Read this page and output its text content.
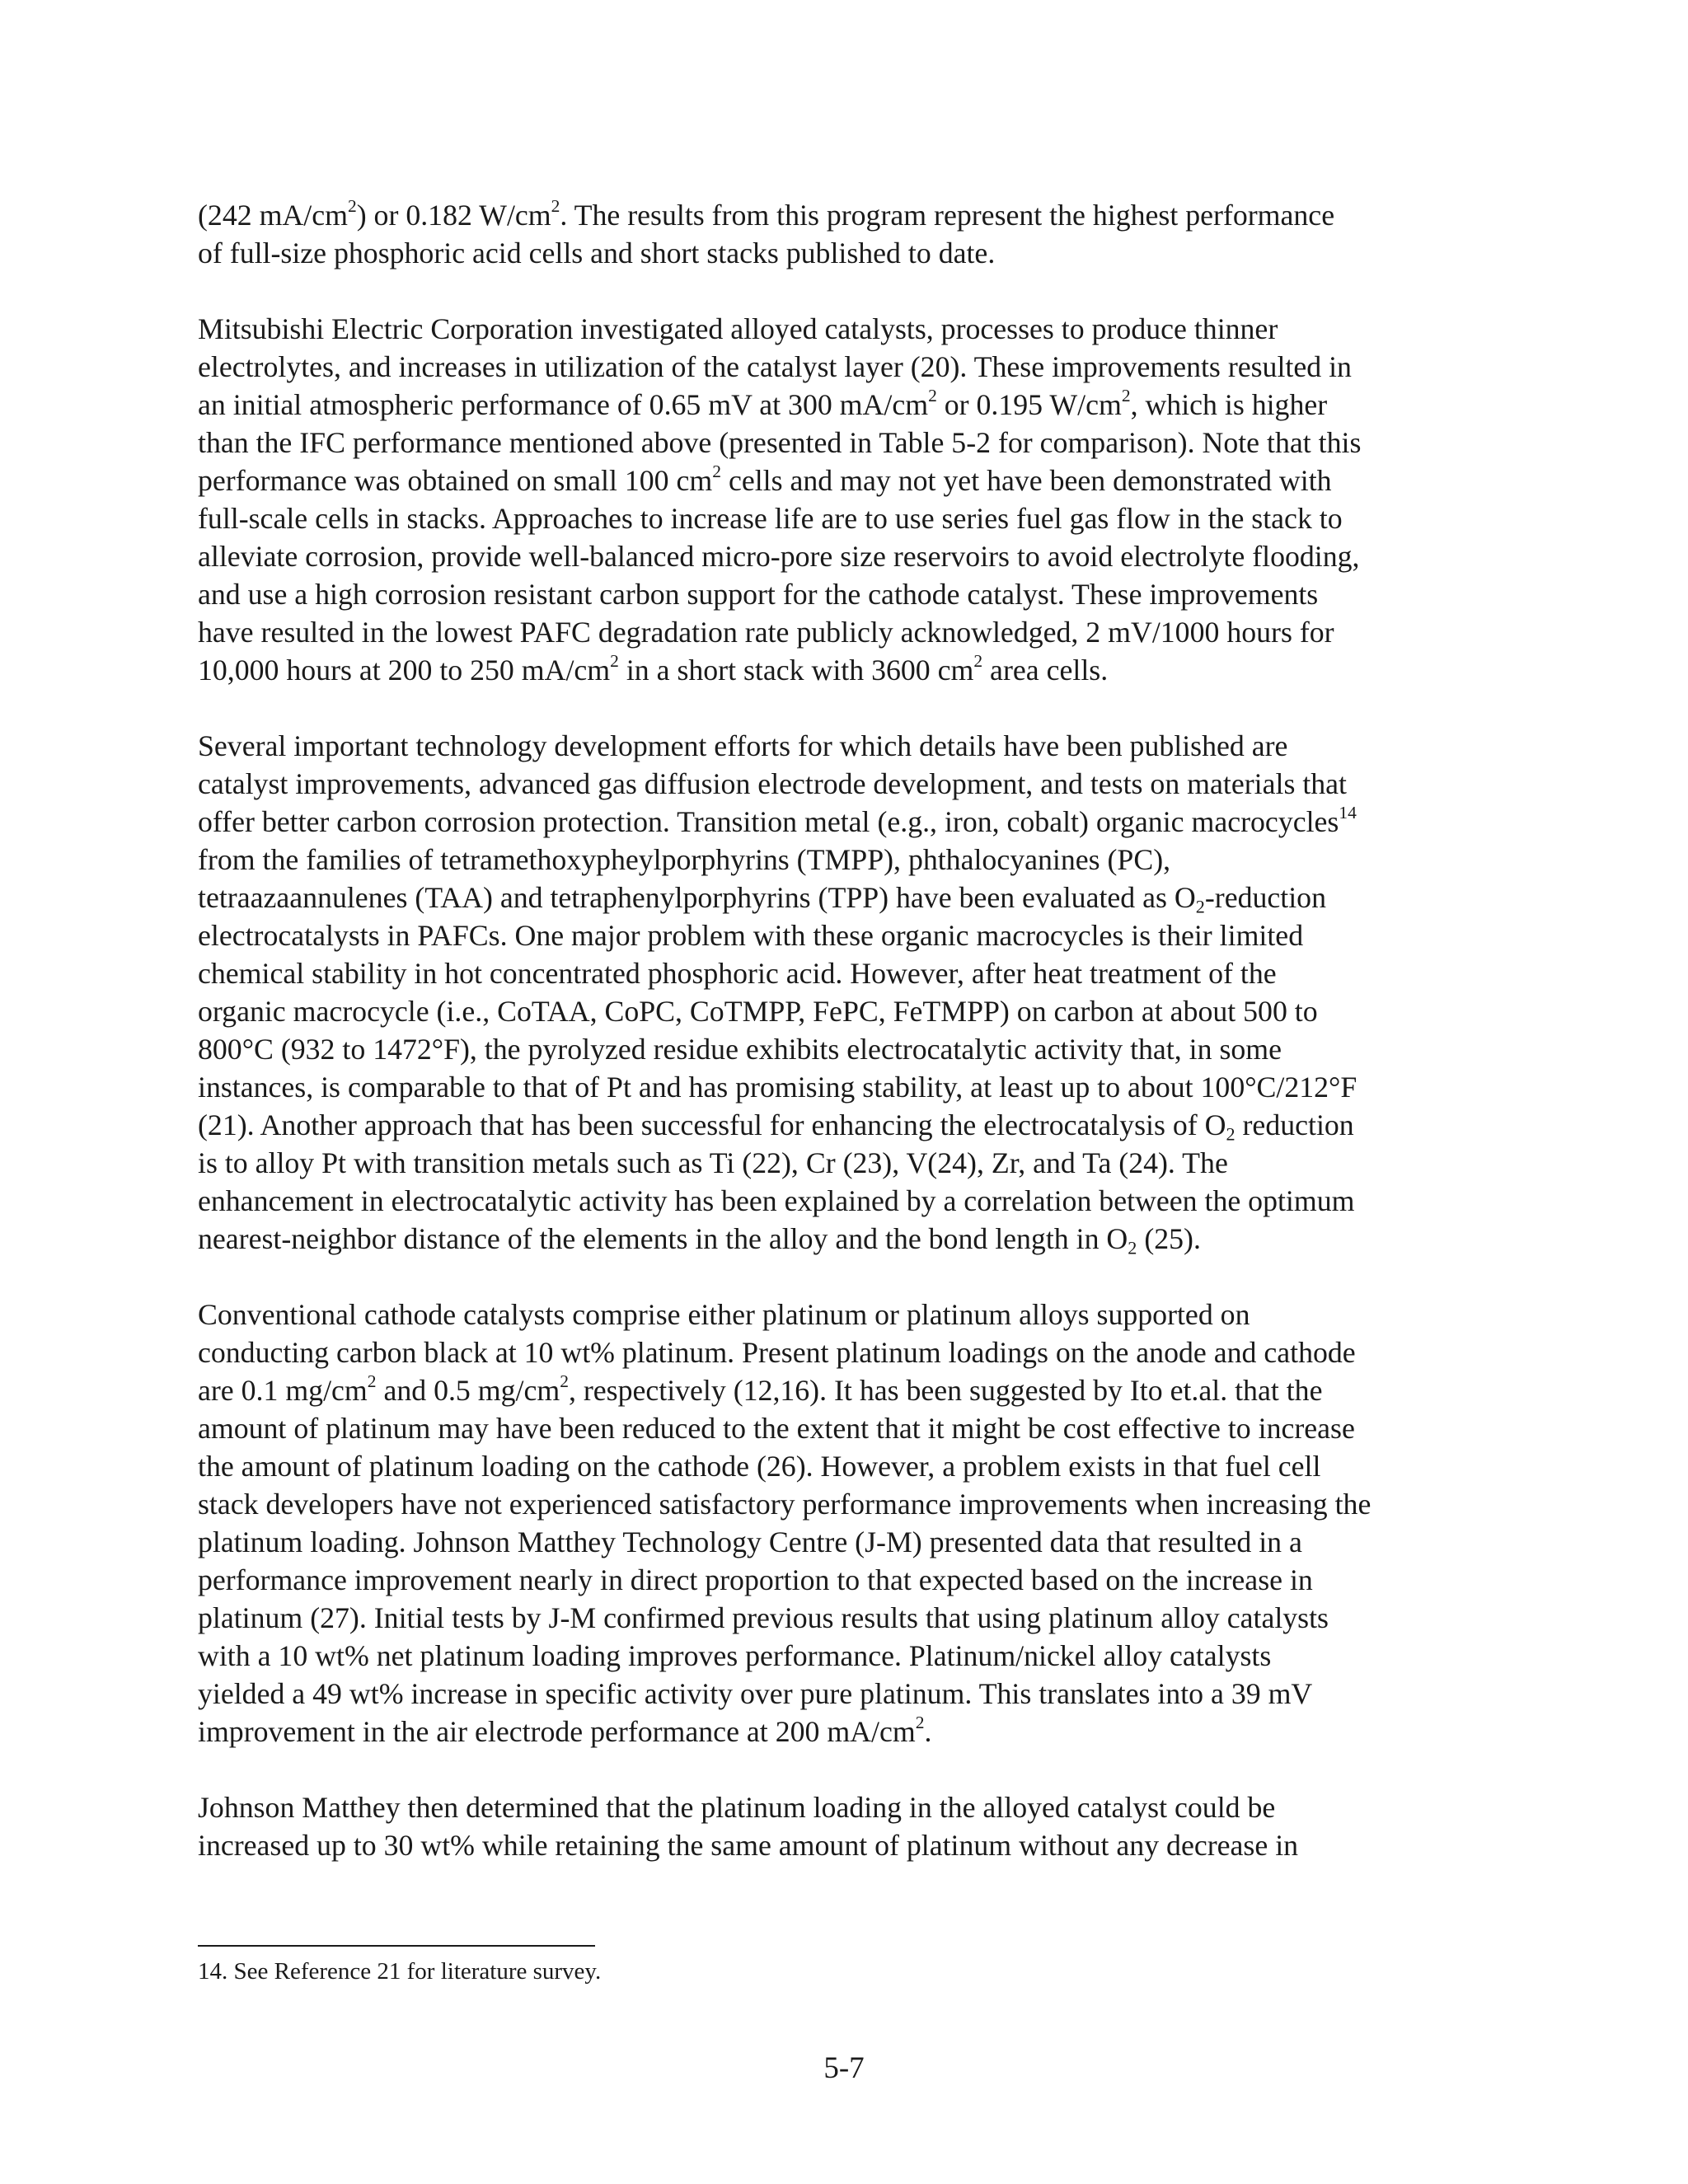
(242 $mA/cm^2$) or 0.182 $W/cm^2$. The results from this program represent the highest performance
of full-size phosphoric acid cells and short stacks published to date.

Mitsubishi Electric Corporation investigated alloyed catalysts, processes to produce thinner
electrolytes, and increases in utilization of the catalyst layer (20). These improvements resulted in
an initial atmospheric performance of 0.65 mV at 300 $mA/cm^2$ or 0.195 $W/cm^2$, which is higher
than the IFC performance mentioned above (presented in Table 5-2 for comparison). Note that this
performance was obtained on small 100 $cm^2$ cells and may not yet have been demonstrated with
full-scale cells in stacks. Approaches to increase life are to use series fuel gas flow in the stack to
alleviate corrosion, provide well-balanced micro-pore size reservoirs to avoid electrolyte flooding,
and use a high corrosion resistant carbon support for the cathode catalyst. These improvements
have resulted in the lowest PAFC degradation rate publicly acknowledged, 2 mV/1000 hours for
10,000 hours at 200 to 250 $mA/cm^2$ in a short stack with 3600 $cm^2$ area cells.

Several important technology development efforts for which details have been published are
catalyst improvements, advanced gas diffusion electrode development, and tests on materials that
offer better carbon corrosion protection. Transition metal (e.g., iron, cobalt) organic macrocycles$^{14}$
from the families of tetramethoxypheylporphyrins (TMPP), phthalocyanines (PC),
tetraazaannulenes (TAA) and tetraphenylporphyrins (TPP) have been evaluated as $O_2$-reduction
electrocatalysts in PAFCs. One major problem with these organic macrocycles is their limited
chemical stability in hot concentrated phosphoric acid. However, after heat treatment of the
organic macrocycle (i.e., CoTAA, CoPC, CoTMPP, FePC, FeTMPP) on carbon at about 500 to
800°C (932 to 1472°F), the pyrolyzed residue exhibits electrocatalytic activity that, in some
instances, is comparable to that of Pt and has promising stability, at least up to about 100°C/212°F
(21). Another approach that has been successful for enhancing the electrocatalysis of $O_2$ reduction
is to alloy Pt with transition metals such as Ti (22), Cr (23), V(24), Zr, and Ta (24). The
enhancement in electrocatalytic activity has been explained by a correlation between the optimum
nearest-neighbor distance of the elements in the alloy and the bond length in $O_2$ (25).

Conventional cathode catalysts comprise either platinum or platinum alloys supported on
conducting carbon black at 10 wt% platinum. Present platinum loadings on the anode and cathode
are 0.1 $mg/cm^2$ and 0.5 $mg/cm^2$, respectively (12,16). It has been suggested by Ito et.al. that the
amount of platinum may have been reduced to the extent that it might be cost effective to increase
the amount of platinum loading on the cathode (26). However, a problem exists in that fuel cell
stack developers have not experienced satisfactory performance improvements when increasing the
platinum loading. Johnson Matthey Technology Centre (J-M) presented data that resulted in a
performance improvement nearly in direct proportion to that expected based on the increase in
platinum (27). Initial tests by J-M confirmed previous results that using platinum alloy catalysts
with a 10 wt% net platinum loading improves performance. Platinum/nickel alloy catalysts
yielded a 49 wt% increase in specific activity over pure platinum. This translates into a 39 mV
improvement in the air electrode performance at 200 $mA/cm^2$.

Johnson Matthey then determined that the platinum loading in the alloyed catalyst could be
increased up to 30 wt% while retaining the same amount of platinum without any decrease in

14. See Reference 21 for literature survey.
5-7
